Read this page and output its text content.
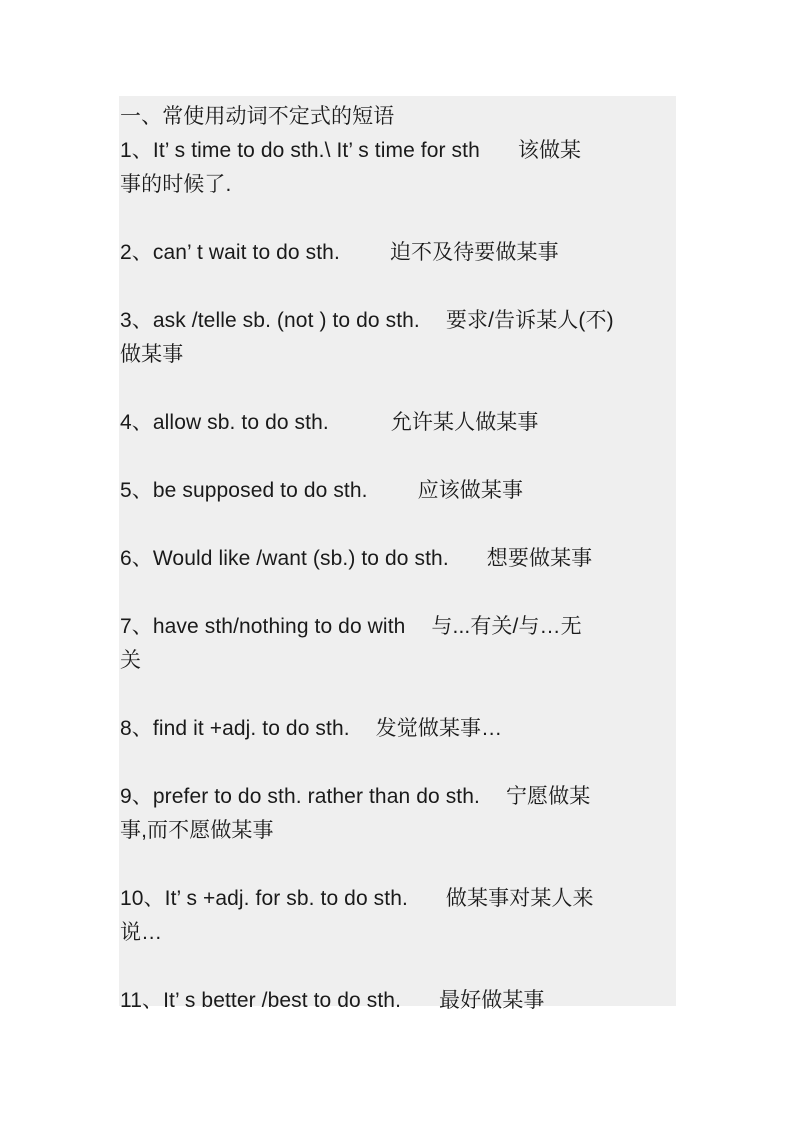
一、常使用动词不定式的短语

1、It’ s time to do sth.\ It’ s time for sth 该做某

事的时候了.

2、can’ t wait to do sth. 迫不及待要做某事

3、ask /telle sb. (not ) to do sth. 要求/告诉某人(不)

做某事

4、allow sb. to do sth.	允许某人做某事

5、be supposed to do sth. 应该做某事

6、Would like /want (sb.) to do sth. 想要做某事

7、have sth/nothing to do with 与...有关/与…无

关

8、find it +adj. to do sth. 发觉做某事…

9、prefer to do sth. rather than do sth. 宁愿做某

事,而不愿做某事

10、It’ s +adj. for sb. to do sth. 做某事对某人来

说…

11、It’ s better /best to do sth. 最好做某事
